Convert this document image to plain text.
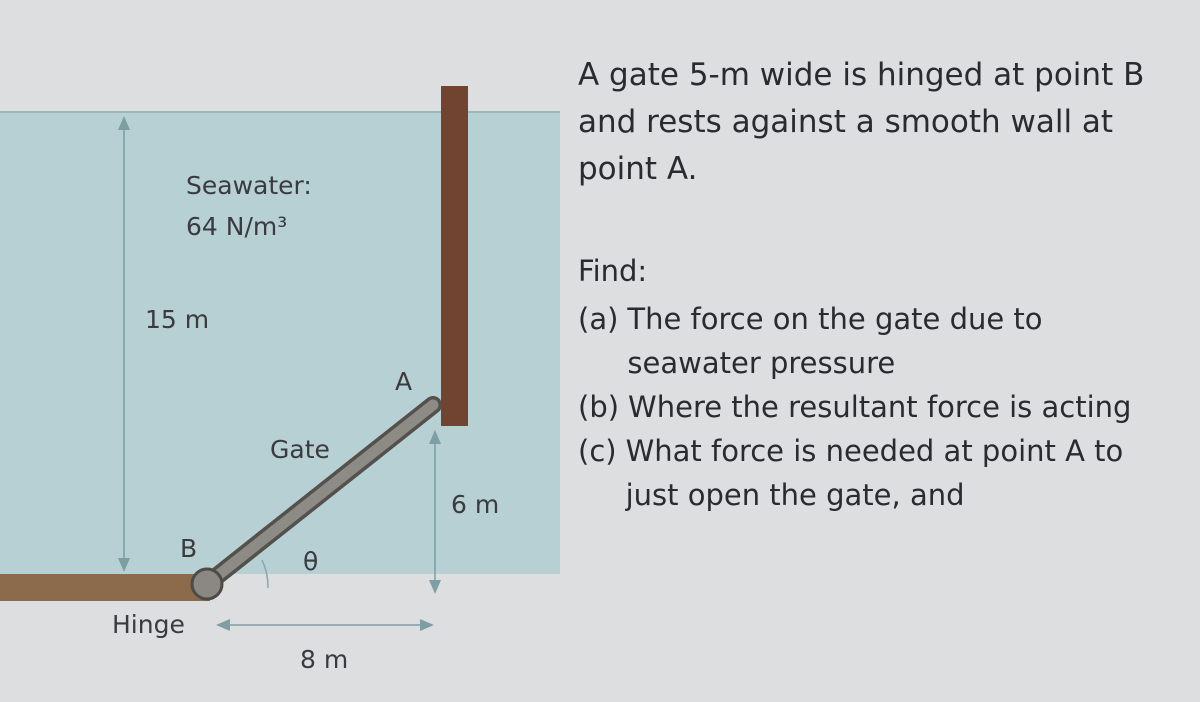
Seawater:
64 N/m³
15 m
A
Gate
6 m
B	θ
Hinge
8 m

A gate 5-m wide is hinged at point B and rests against a smooth wall at point A.

Find:

(a) The force on the gate due to seawater pressure
(b) Where the resultant force is acting
(c) What force is needed at point A to just open the gate, and
